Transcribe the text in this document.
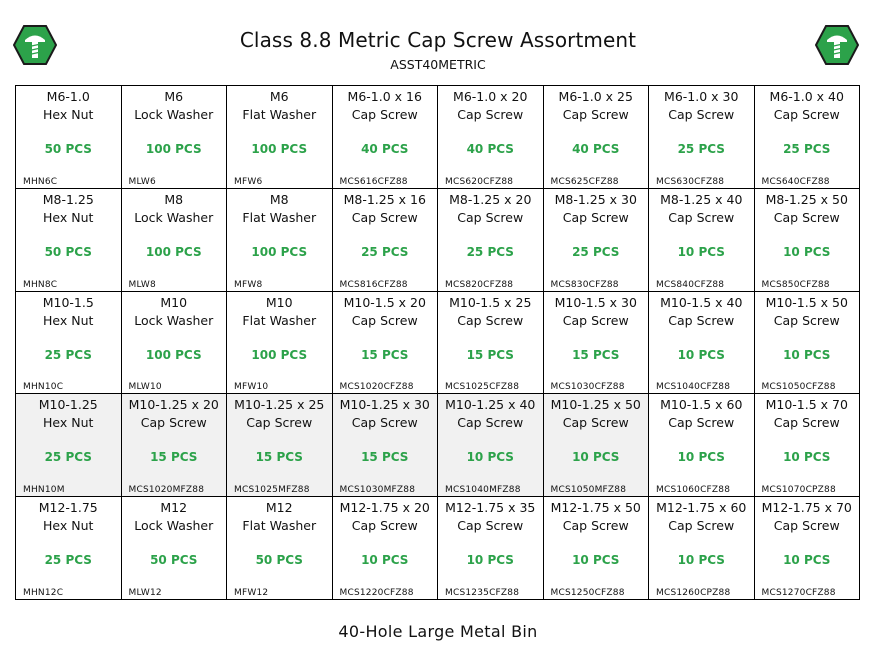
Class 8.8 Metric Cap Screw Assortment
ASST40METRIC
M6-1.0
Hex Nut
50 PCS
MHN6C
M6
Lock Washer
100 PCS
MLW6
M6
Flat Washer
100 PCS
MFW6
M6-1.0 x 16
Cap Screw
40 PCS
MCS616CFZ88
M6-1.0 x 20
Cap Screw
40 PCS
MCS620CFZ88
M6-1.0 x 25
Cap Screw
40 PCS
MCS625CFZ88
M6-1.0 x 30
Cap Screw
25 PCS
MCS630CFZ88
M6-1.0 x 40
Cap Screw
25 PCS
MCS640CFZ88
M8-1.25
Hex Nut
50 PCS
MHN8C
M8
Lock Washer
100 PCS
MLW8
M8
Flat Washer
100 PCS
MFW8
M8-1.25 x 16
Cap Screw
25 PCS
MCS816CFZ88
M8-1.25 x 20
Cap Screw
25 PCS
MCS820CFZ88
M8-1.25 x 30
Cap Screw
25 PCS
MCS830CFZ88
M8-1.25 x 40
Cap Screw
10 PCS
MCS840CFZ88
M8-1.25 x 50
Cap Screw
10 PCS
MCS850CFZ88
M10-1.5
Hex Nut
25 PCS
MHN10C
M10
Lock Washer
100 PCS
MLW10
M10
Flat Washer
100 PCS
MFW10
M10-1.5 x 20
Cap Screw
15 PCS
MCS1020CFZ88
M10-1.5 x 25
Cap Screw
15 PCS
MCS1025CFZ88
M10-1.5 x 30
Cap Screw
15 PCS
MCS1030CFZ88
M10-1.5 x 40
Cap Screw
10 PCS
MCS1040CFZ88
M10-1.5 x 50
Cap Screw
10 PCS
MCS1050CFZ88
M10-1.25
Hex Nut
25 PCS
MHN10M
M10-1.25 x 20
Cap Screw
15 PCS
MCS1020MFZ88
M10-1.25 x 25
Cap Screw
15 PCS
MCS1025MFZ88
M10-1.25 x 30
Cap Screw
15 PCS
MCS1030MFZ88
M10-1.25 x 40
Cap Screw
10 PCS
MCS1040MFZ88
M10-1.25 x 50
Cap Screw
10 PCS
MCS1050MFZ88
M10-1.5 x 60
Cap Screw
10 PCS
MCS1060CFZ88
M10-1.5 x 70
Cap Screw
10 PCS
MCS1070CPZ88
M12-1.75
Hex Nut
25 PCS
MHN12C
M12
Lock Washer
50 PCS
MLW12
M12
Flat Washer
50 PCS
MFW12
M12-1.75 x 20
Cap Screw
10 PCS
MCS1220CFZ88
M12-1.75 x 35
Cap Screw
10 PCS
MCS1235CFZ88
M12-1.75 x 50
Cap Screw
10 PCS
MCS1250CFZ88
M12-1.75 x 60
Cap Screw
10 PCS
MCS1260CPZ88
M12-1.75 x 70
Cap Screw
10 PCS
MCS1270CFZ88
40-Hole Large Metal Bin
